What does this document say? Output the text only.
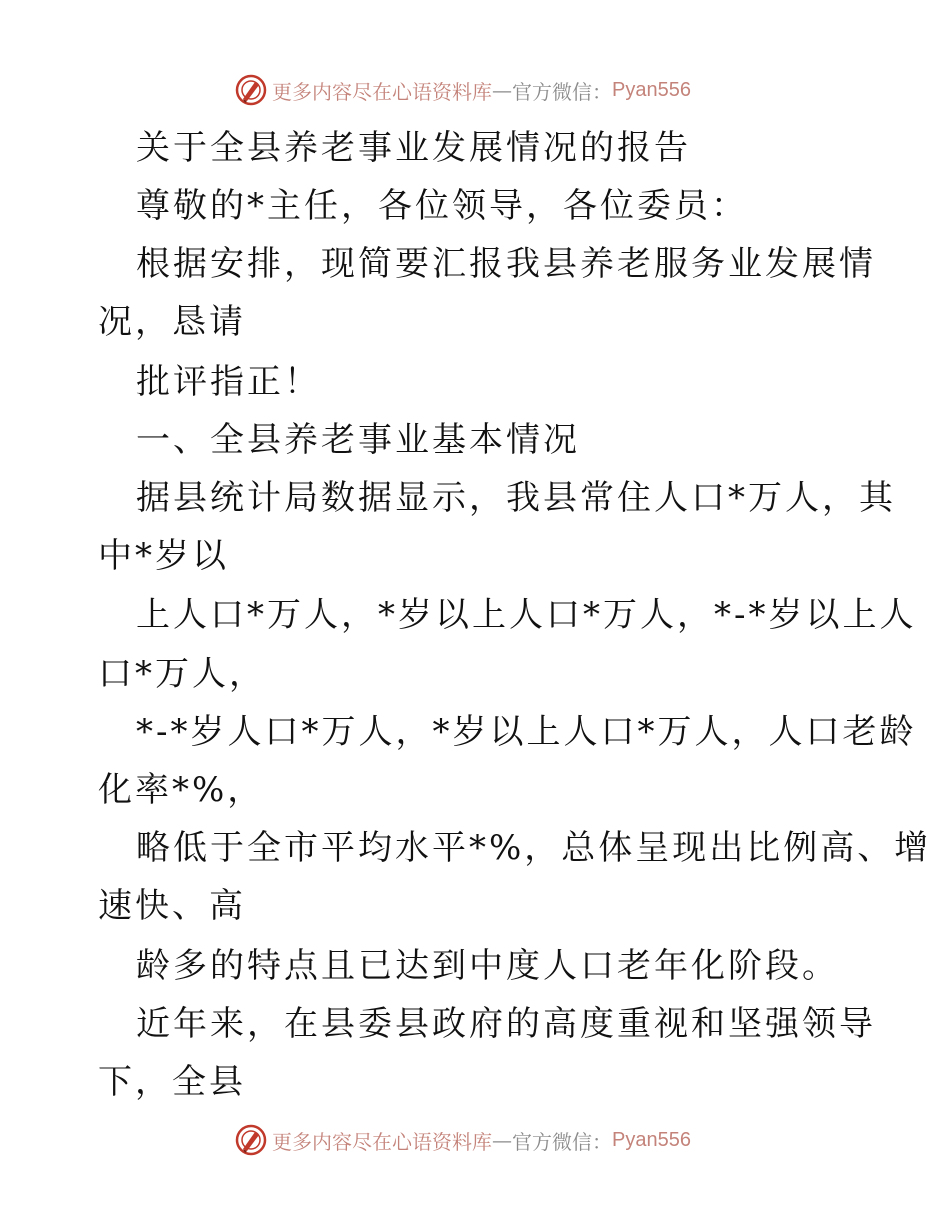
更多内容尽在心语资料库 — 官方微信： Pyan556
关于全县养老事业发展情况的报告
尊敬的*主任，各位领导，各位委员：
根据安排，现简要汇报我县养老服务业发展情
况，恳请
批评指正！
一、全县养老事业基本情况
据县统计局数据显示，我县常住人口*万人，其
中*岁以
上人口*万人，*岁以上人口*万人，*-*岁以上人
口*万人，
*-*岁人口*万人，*岁以上人口*万人，人口老龄
化率*%，
略低于全市平均水平*%，总体呈现出比例高、增
速快、高
龄多的特点且已达到中度人口老年化阶段。
近年来，在县委县政府的高度重视和坚强领导
下，全县
更多内容尽在心语资料库 — 官方微信： Pyan556
